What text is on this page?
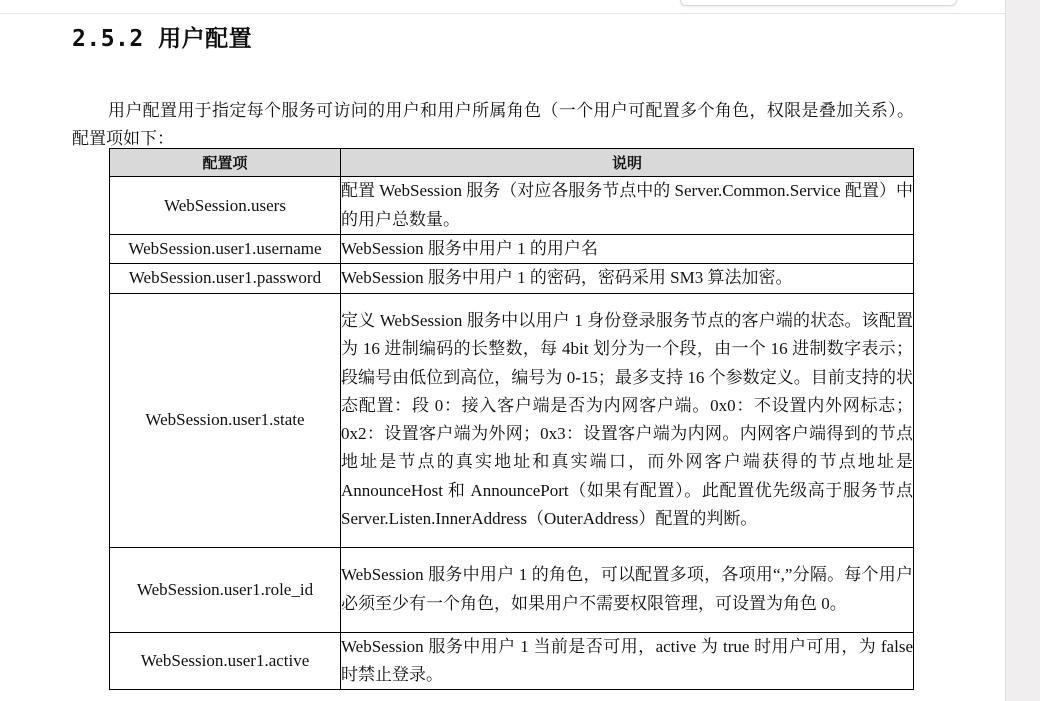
2.5.2 用户配置

用户配置用于指定每个服务可访问的用户和用户所属角色（一个用户可配置多个角色，权限是叠加关系）。配置项如下：

配置项	说明
WebSession.users	配置 WebSession 服务（对应各服务节点中的 Server.Common.Service 配置）中的用户总数量。
WebSession.user1.username	WebSession 服务中用户 1 的用户名
WebSession.user1.password	WebSession 服务中用户 1 的密码，密码采用 SM3 算法加密。
WebSession.user1.state	定义 WebSession 服务中以用户 1 身份登录服务节点的客户端的状态。该配置为 16 进制编码的长整数，每 4bit 划分为一个段，由一个 16 进制数字表示；段编号由低位到高位，编号为 0-15；最多支持 16 个参数定义。目前支持的状态配置：段 0：接入客户端是否为内网客户端。0x0：不设置内外网标志；0x2：设置客户端为外网；0x3：设置客户端为内网。内网客户端得到的节点地址是节点的真实地址和真实端口，而外网客户端获得的节点地址是 AnnounceHost 和 AnnouncePort（如果有配置）。此配置优先级高于服务节点 Server.Listen.InnerAddress（OuterAddress）配置的判断。
WebSession.user1.role_id	WebSession 服务中用户 1 的角色，可以配置多项，各项用“,”分隔。每个用户必须至少有一个角色，如果用户不需要权限管理，可设置为角色 0。
WebSession.user1.active	WebSession 服务中用户 1 当前是否可用，active 为 true 时用户可用，为 false 时禁止登录。
